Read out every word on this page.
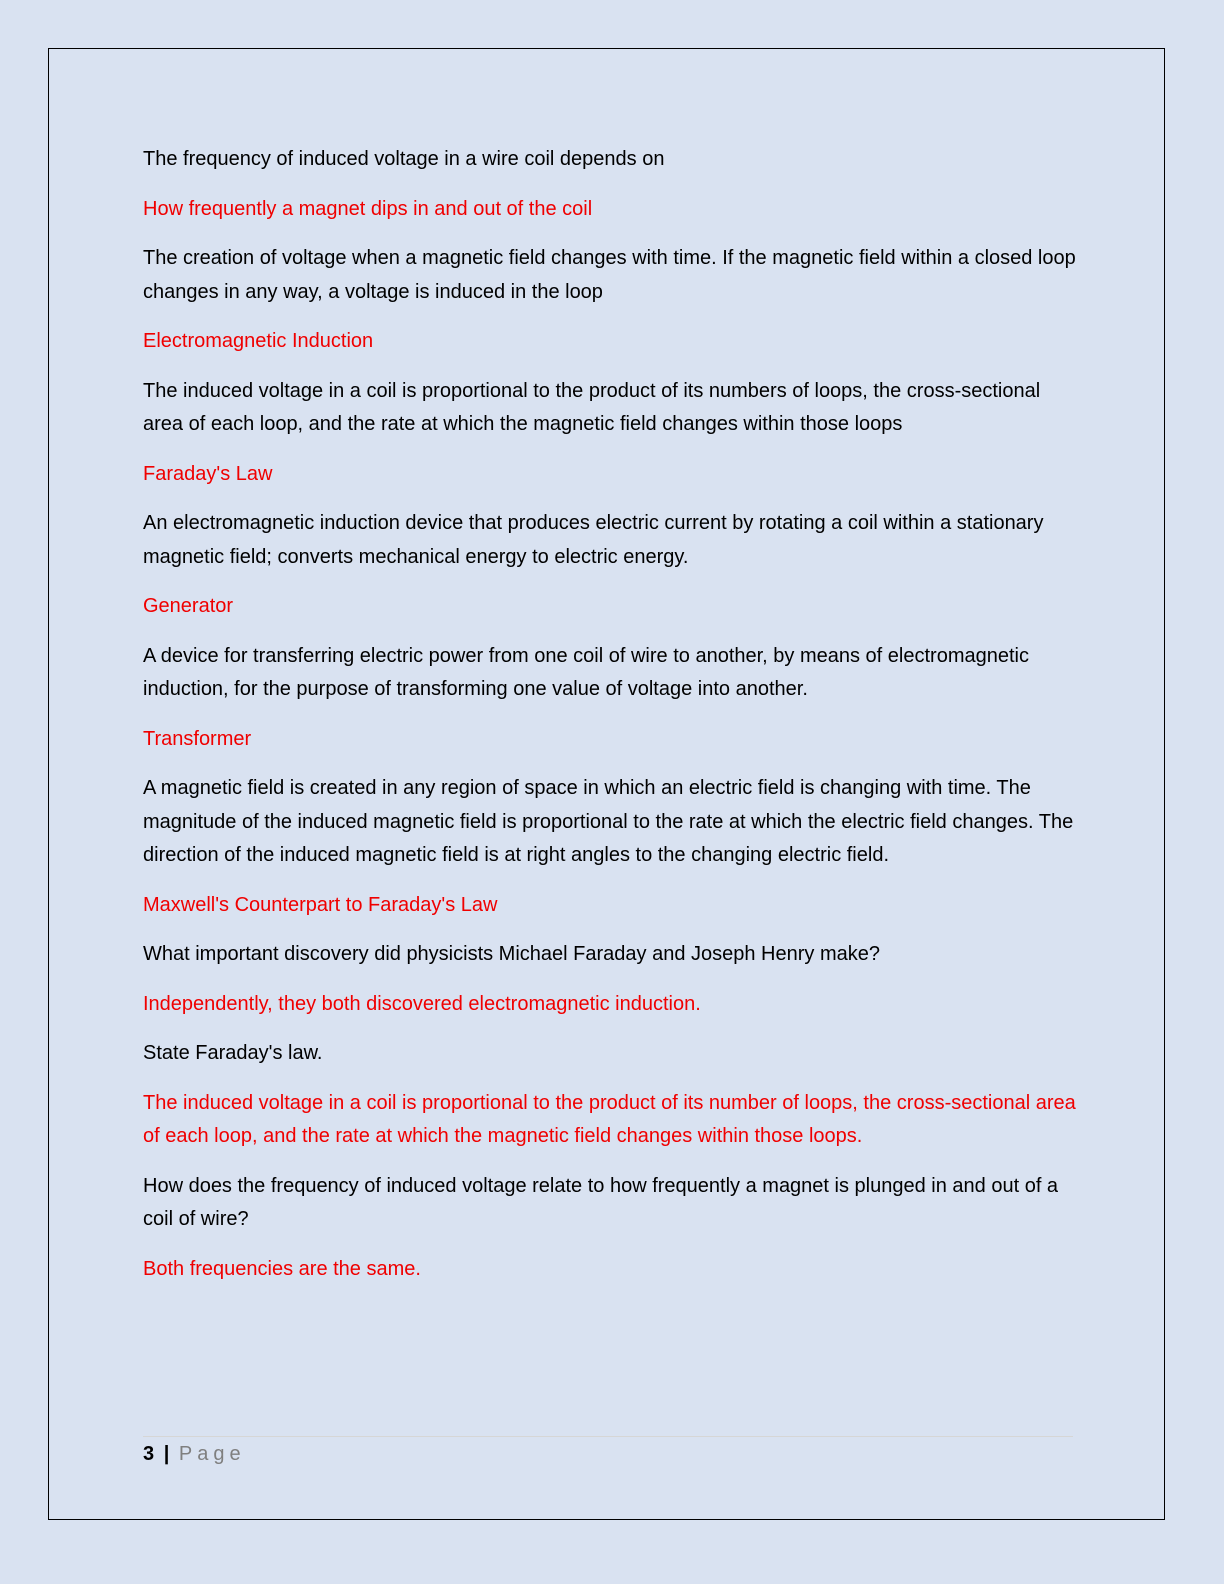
The frequency of induced voltage in a wire coil depends on

How frequently a magnet dips in and out of the coil

The creation of voltage when a magnetic field changes with time. If the magnetic field within a closed loop changes in any way, a voltage is induced in the loop

Electromagnetic Induction

The induced voltage in a coil is proportional to the product of its numbers of loops, the cross-sectional area of each loop, and the rate at which the magnetic field changes within those loops

Faraday's Law

An electromagnetic induction device that produces electric current by rotating a coil within a stationary magnetic field; converts mechanical energy to electric energy.

Generator

A device for transferring electric power from one coil of wire to another, by means of electromagnetic induction, for the purpose of transforming one value of voltage into another.

Transformer

A magnetic field is created in any region of space in which an electric field is changing with time. The magnitude of the induced magnetic field is proportional to the rate at which the electric field changes. The direction of the induced magnetic field is at right angles to the changing electric field.

Maxwell's Counterpart to Faraday's Law

What important discovery did physicists Michael Faraday and Joseph Henry make?

Independently, they both discovered electromagnetic induction.

State Faraday's law.

The induced voltage in a coil is proportional to the product of its number of loops, the cross-sectional area of each loop, and the rate at which the magnetic field changes within those loops.

How does the frequency of induced voltage relate to how frequently a magnet is plunged in and out of a coil of wire?

Both frequencies are the same.

3 | Page
